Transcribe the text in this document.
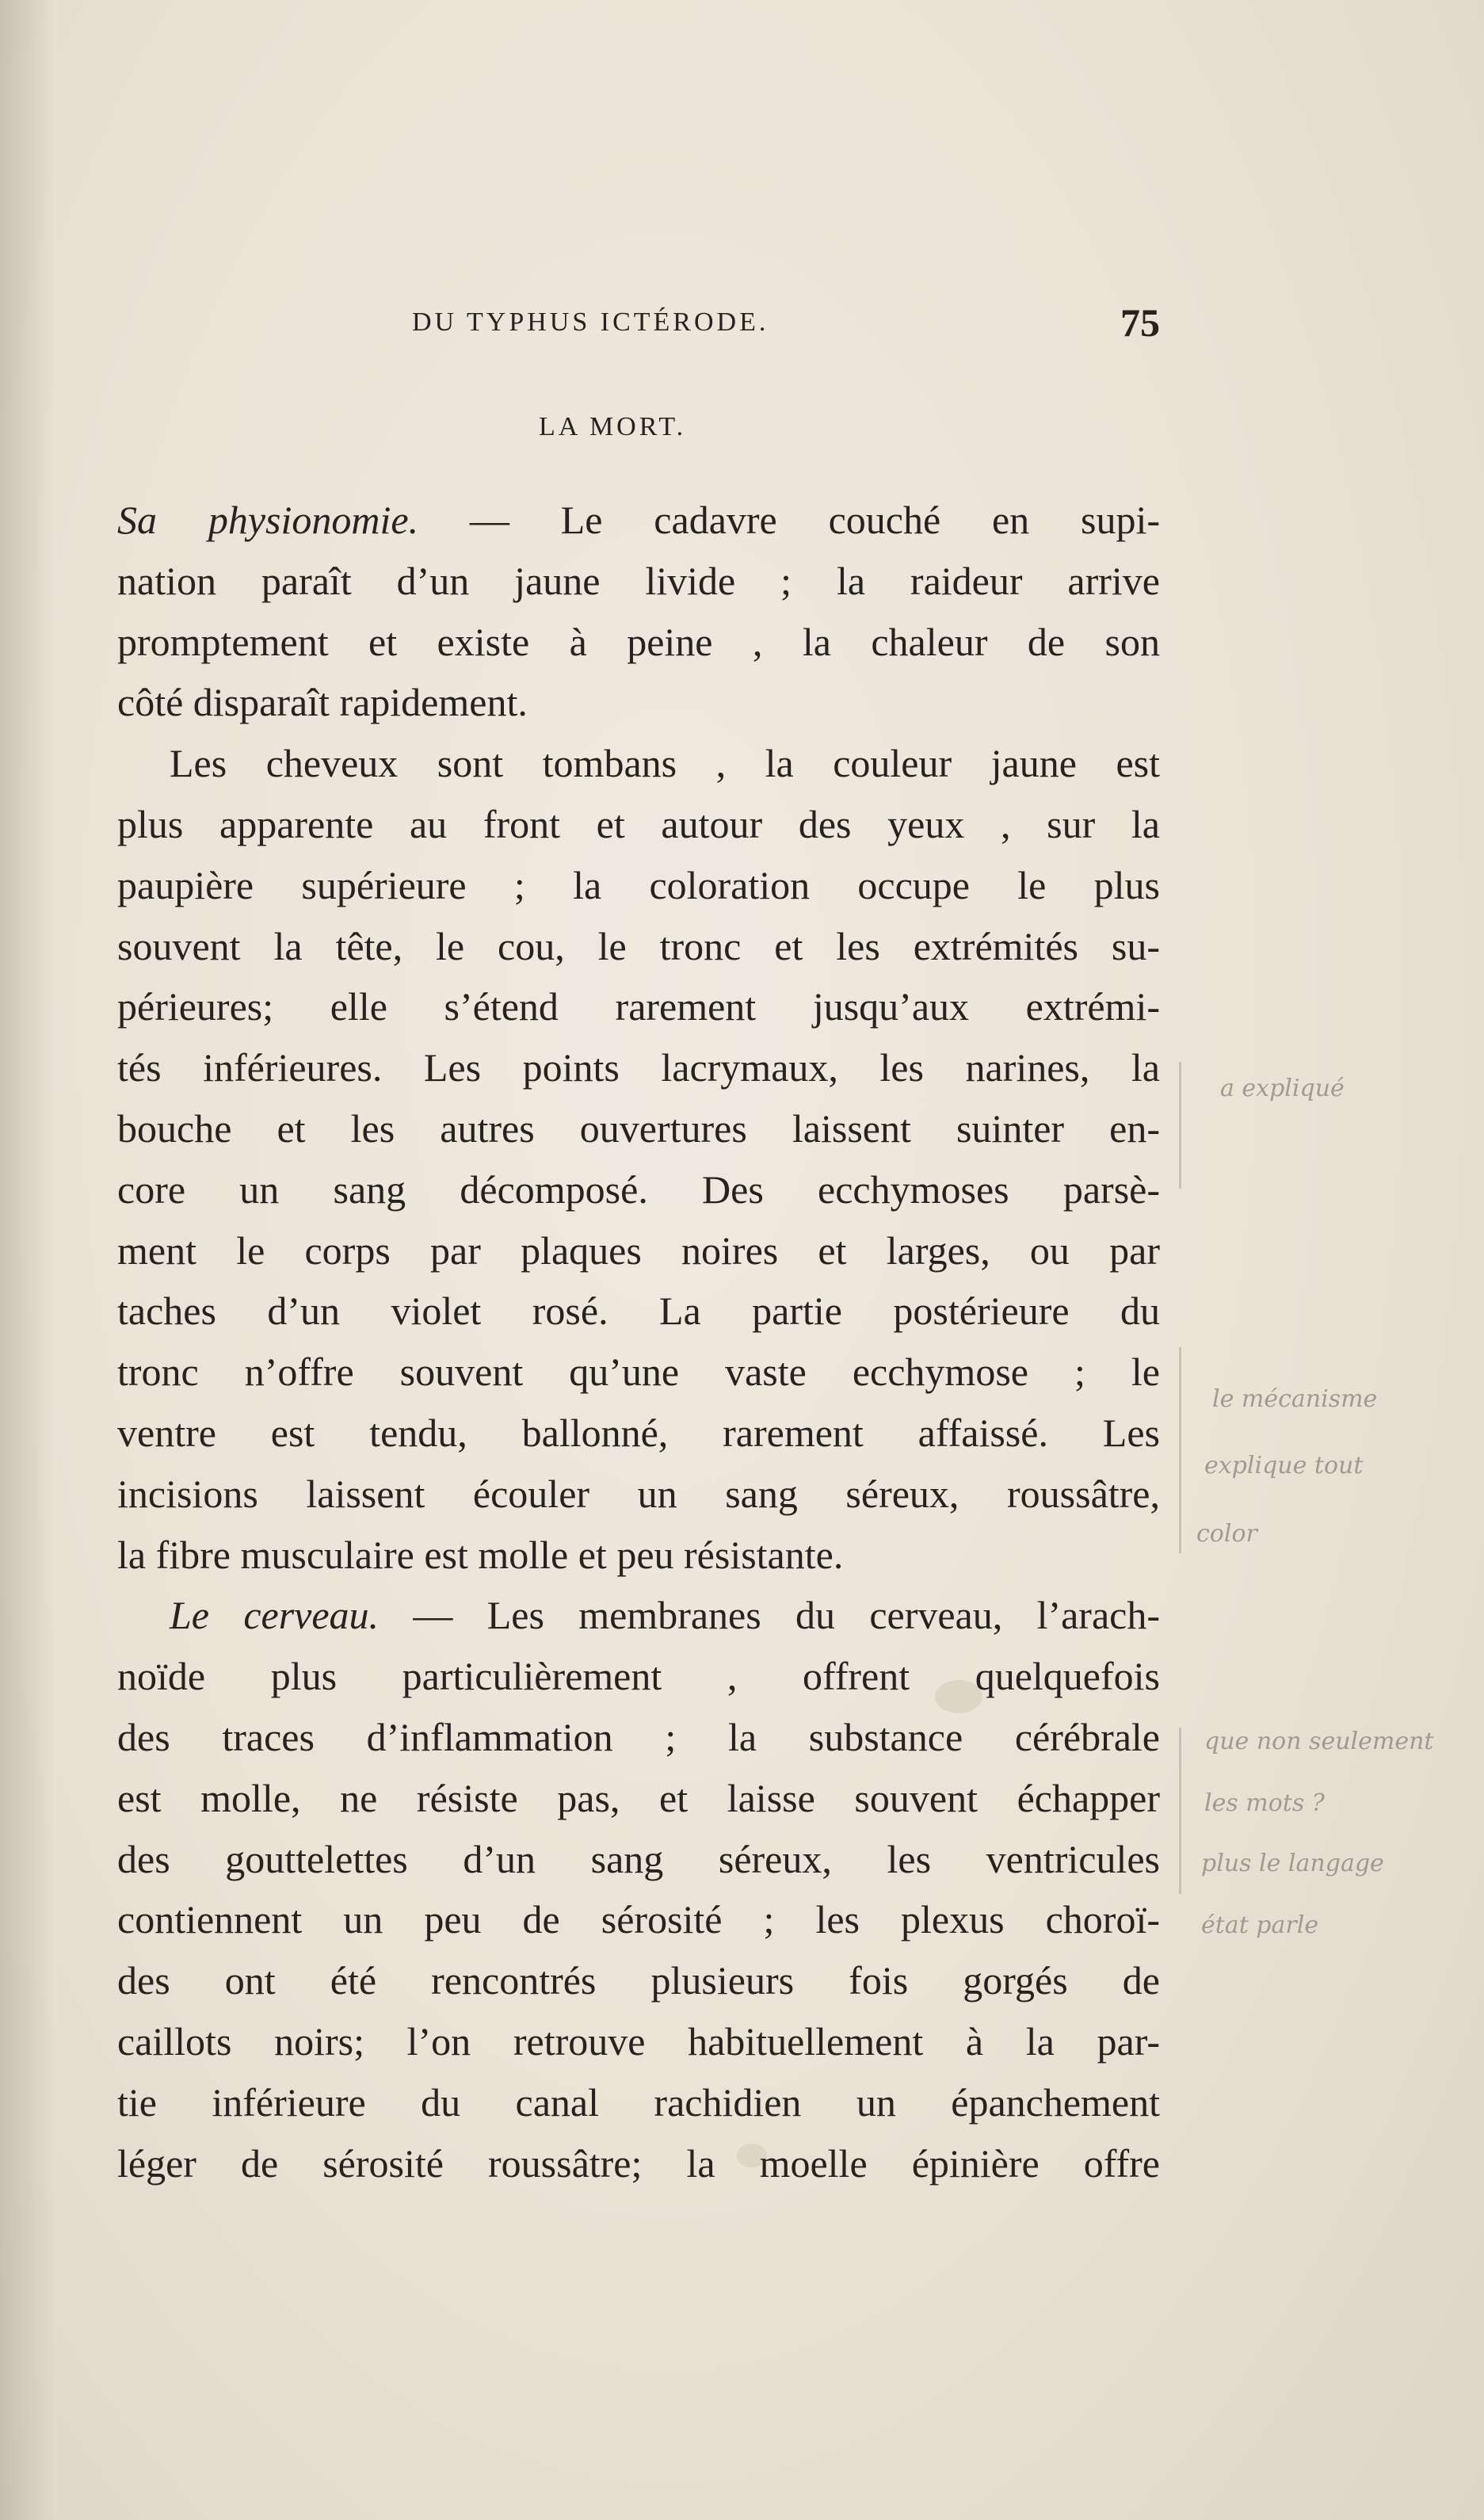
DU TYPHUS ICTÉRODE.	75
LA MORT.
Sa physionomie. — Le cadavre couché en supi-
nation paraît d’un jaune livide ; la raideur arrive
promptement et existe à peine , la chaleur de son
côté disparaît rapidement.
Les cheveux sont tombans , la couleur jaune est
plus apparente au front et autour des yeux , sur la
paupière supérieure ; la coloration occupe le plus
souvent la tête, le cou, le tronc et les extrémités su-
périeures; elle s’étend rarement jusqu’aux extrémi-
tés inférieures. Les points lacrymaux, les narines, la
bouche et les autres ouvertures laissent suinter en-
core un sang décomposé. Des ecchymoses parsè-
ment le corps par plaques noires et larges, ou par
taches d’un violet rosé. La partie postérieure du
tronc n’offre souvent qu’une vaste ecchymose ; le
ventre est tendu, ballonné, rarement affaissé. Les
incisions laissent écouler un sang séreux, roussâtre,
la fibre musculaire est molle et peu résistante.
Le cerveau. — Les membranes du cerveau, l’arach-
noïde plus particulièrement , offrent quelquefois
des traces d’inflammation ; la substance cérébrale
est molle, ne résiste pas, et laisse souvent échapper
des gouttelettes d’un sang séreux, les ventricules
contiennent un peu de sérosité ; les plexus choroï-
des ont été rencontrés plusieurs fois gorgés de
caillots noirs; l’on retrouve habituellement à la par-
tie inférieure du canal rachidien un épanchement
léger de sérosité roussâtre; la moelle épinière offre
a expliqué
le mécanisme
explique tout
color
que non seulement
les mots ?
plus le langage
état parle
